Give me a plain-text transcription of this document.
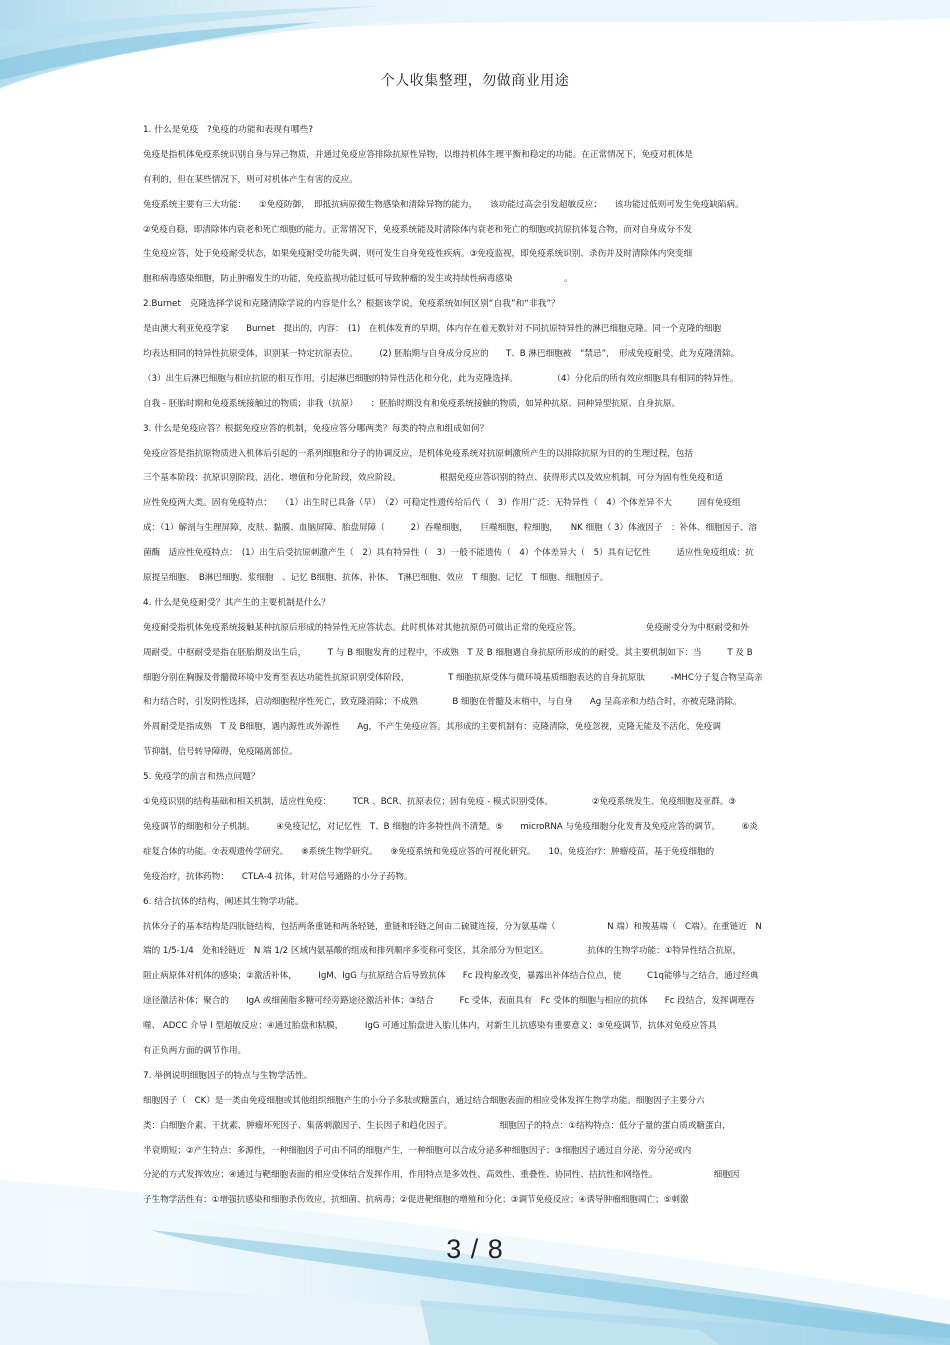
个人收集整理，勿做商业用途
1. 什么是免疫　?免疫的功能和表现有哪些?
免疫是指机体免疫系统识别自身与异己物质，并通过免疫应答排除抗原性异物，以维持机体生理平衡和稳定的功能。在正常情况下，免疫对机体是
有利的，但在某些情况下，则可对机体产生有害的反应。
免疫系统主要有三大功能：　　①免疫防御，　即抵抗病原微生物感染和清除异物的能力，　　该功能过高会引发超敏反应；　　该功能过低则可发生免疫缺陷病。
②免疫自稳，即清除体内衰老和死亡细胞的能力。正常情况下，免疫系统能及时清除体内衰老和死亡的细胞或抗原抗体复合物，而对自身成分不发
生免疫应答，处于免疫耐受状态，如果免疫耐受功能失调，则可发生自身免疫性疾病。③免疫监视，即免疫系统识别、杀伤并及时清除体内突变细
胞和病毒感染细胞，防止肿瘤发生的功能，免疫监视功能过低可导致肿瘤的发生或持续性病毒感染　　　　　　。
2.Burnet　克隆选择学说和克隆清除学说的内容是什么？根据该学说，免疫系统如何区别“自我”和“非我”？
是由澳大利亚免疫学家　　Burnet　提出的，内容：　(1)　在机体发育的早期，体内存在着无数针对不同抗原特异性的淋巴细胞克隆。同一个克隆的细胞
均表达相同的特异性抗原受体，识别某一特定抗原表位。　　　(2) 胚胎期与自身成分反应的　　T、B 淋巴细胞被　“禁忌”，　形成免疫耐受，此为克隆清除。
（3）出生后淋巴细胞与相应抗原的相互作用，引起淋巴细胞的特异性活化和分化，此为克隆选择。　　　　　（4）分化后的所有效应细胞具有相同的特异性。
自我 - 胚胎时期和免疫系统接触过的物质；非我（抗原）　　：胚胎时期没有和免疫系统接触的物质，如异种抗原、同种异型抗原、自身抗原。
3. 什么是免疫应答？根据免疫应答的机制，免疫应答分哪两类？每类的特点和组成如何？
免疫应答是指抗原物质进入机体后引起的一系列细胞和分子的协调反应，是机体免疫系统对抗原刺激所产生的以排除抗原为目的的生理过程，包括
三个基本阶段：抗原识别阶段，活化、增值和分化阶段，效应阶段。　　　　　根据免疫应答识别的特点、获得形式以及效应机制，可分为固有性免疫和适
应性免疫两大类。固有免疫特点：　　（1）出生时已具备（早）　（2）可稳定性遗传给后代（　3）作用广泛：无特异性（　4）个体差异不大　　　固有免疫组
成：（1）解剖与生理屏障，皮肤、黏膜、血脑屏障、胎盘屏障（　　　2）吞噬细胞，　　巨噬细胞，粒细胞，　　NK 细胞（ 3）体液因子　：补体、细胞因子、溶
菌酶　适应性免疫特点：　(1）出生后受抗原刺激产生（　2）具有特异性（　3）一般不能遗传（　4）个体差异大（　5）具有记忆性　　　适应性免疫组成：抗
原提呈细胞、　B淋巴细胞、浆细胞　、记忆 B细胞、抗体、补体、　T淋巴细胞、效应　T 细胞、记忆　T 细胞、细胞因子。
4. 什么是免疫耐受？其产生的主要机制是什么？
免疫耐受指机体免疫系统接触某种抗原后形成的特异性无应答状态。此时机体对其他抗原仍可做出正常的免疫应答。　　　　　　　　免疫耐受分为中枢耐受和外
周耐受。中枢耐受是指在胚胎期及出生后，　　　T 与 B 细胞发育的过程中，不成熟　T 及 B 细胞遇自身抗原所形成的的耐受。其主要机制如下：当　　　T 及 B
细胞分别在胸腺及骨髓微环境中发育至表达功能性抗原识别受体阶段，　　　　　T 细胞抗原受体与微环境基质细胞表达的自身抗原肽　　　-MHC分子复合物呈高亲
和力结合时，引发阴性选择，启动细胞程序性死亡，致克隆消除；不成熟　　　　B 细胞在骨髓及末梢中，与自身　　Ag 呈高亲和力结合时，亦被克隆消除。
外周耐受是指成熟　T 及 B细胞，遇内源性或外源性　　Ag，不产生免疫应答。其形成的主要机制有：克隆清除，免疫忽视，克隆无能及不活化，免疫调
节抑制，信号转导障碍，免疫隔离部位。
5. 免疫学的前言和热点问题？
①免疫识别的结构基础和相关机制，适应性免疫：　　　TCR 、BCR、抗原表位；固有免疫 - 模式识别受体。　　　　　②免疫系统发生、免疫细胞及亚群。③
免疫调节的细胞和分子机制。　　　④免疫记忆，对记忆性　T、B 细胞的许多特性尚不清楚。⑤　　microRNA 与免疫细胞分化发育及免疫应答的调节。　　　⑥炎
症复合体的功能。⑦表观遗传学研究。　　⑧系统生物学研究。　　⑨免疫系统和免疫应答的可视化研究。　　10、免疫治疗：肿瘤疫苗，基于免疫细胞的
免疫治疗，抗体药物：　　CTLA-4 抗体，针对信号通路的小分子药物。
6. 结合抗体的结构，阐述其生物学功能。
抗体分子的基本结构是四肽链结构，包括两条重链和两条轻链，重链和轻链之间由二硫键连接，分为氨基端（　　　　　　N 端）和羧基端（　C端）。在重链近　N
端的 1/5-1/4　处和轻链近　N 端 1/2 区域内氨基酸的组成和排列顺序多变称可变区，其余部分为恒定区。　　　　　抗体的生物学功能：①特异性结合抗原，
阻止病原体对机体的感染；②激活补体，　　　IgM、IgG 与抗原结合后导致抗体　　Fc 段构象改变，暴露出补体结合位点，使　　　C1q能够与之结合，通过经典
途径激活补体；聚合的　　IgA 或细菌脂多糖可经旁路途径激活补体；③结合　　　Fc 受体，表面具有　Fc 受体的细胞与相应的抗体　　Fc 段结合，发挥调理吞
噬、 ADCC 介导 I 型超敏反应；④通过胎盘和粘膜，　　　IgG 可通过胎盘进入胎儿体内，对新生儿抗感染有重要意义；⑤免疫调节，抗体对免疫应答具
有正负两方面的调节作用。
7. 举例说明细胞因子的特点与生物学活性。
细胞因子（　CK）是一类由免疫细胞或其他组织细胞产生的小分子多肽或糖蛋白，通过结合细胞表面的相应受体发挥生物学功能。细胞因子主要分六
类：白细胞介素、干扰素、肿瘤坏死因子、集落刺激因子、生长因子和趋化因子。　　　　　　细胞因子的特点：①结构特点：低分子量的蛋白质或糖蛋白，
半衰期短；②产生特点：多源性，一种细胞因子可由不同的细胞产生，一种细胞可以合成分泌多种细胞因子；③细胞因子通过自分泌、旁分泌或内
分泌的方式发挥效应；④通过与靶细胞表面的相应受体结合发挥作用，作用特点是多效性、高效性、重叠性、协同性、拮抗性和网络性。　　　　　　　细胞因
子生物学活性有：①增强抗感染和细胞杀伤效应，抗细菌、抗病毒；②促进靶细胞的增殖和分化；③调节免疫反应；④诱导肿瘤细胞凋亡；⑤刺激
3 / 8
